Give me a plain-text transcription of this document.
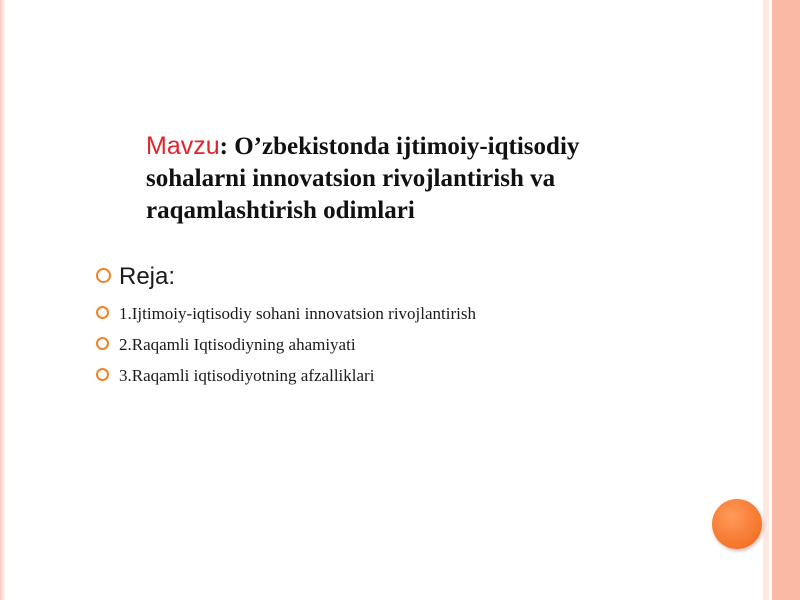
Mavzu: O’zbekistonda ijtimoiy-iqtisodiy sohalarni innovatsion rivojlantirish va raqamlashtirish odimlari
Reja:
1.Ijtimoiy-iqtisodiy sohani innovatsion rivojlantirish
2.Raqamli Iqtisodiyning ahamiyati
3.Raqamli iqtisodiyotning afzalliklari
